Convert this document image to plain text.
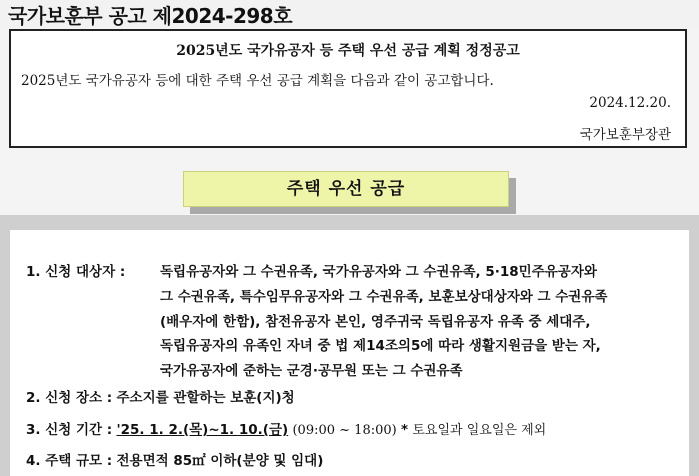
국가보훈부 공고 제2024-298호
2025년도 국가유공자 등 주택 우선 공급 계획 정정공고
2025년도 국가유공자 등에 대한 주택 우선 공급 계획을 다음과 같이 공고합니다.
2024.12.20.
국가보훈부장관
주택 우선 공급
1. 신청 대상자 :	독립유공자와 그 수권유족, 국가유공자와 그 수권유족, 5·18민주유공자와
그 수권유족, 특수임무유공자와 그 수권유족, 보훈보상대상자와 그 수권유족
(배우자에 한함), 참전유공자 본인, 영주귀국 독립유공자 유족 중 세대주,
독립유공자의 유족인 자녀 중 법 제14조의5에 따라 생활지원금을 받는 자,
국가유공자에 준하는 군경·공무원 또는 그 수권유족
2. 신청 장소 : 주소지를 관할하는 보훈(지)청
3. 신청 기간 : '25. 1. 2.(목)~1. 10.(금) (09:00 ~ 18:00) * 토요일과 일요일은 제외
4. 주택 규모 : 전용면적 85㎡ 이하(분양 및 임대)
